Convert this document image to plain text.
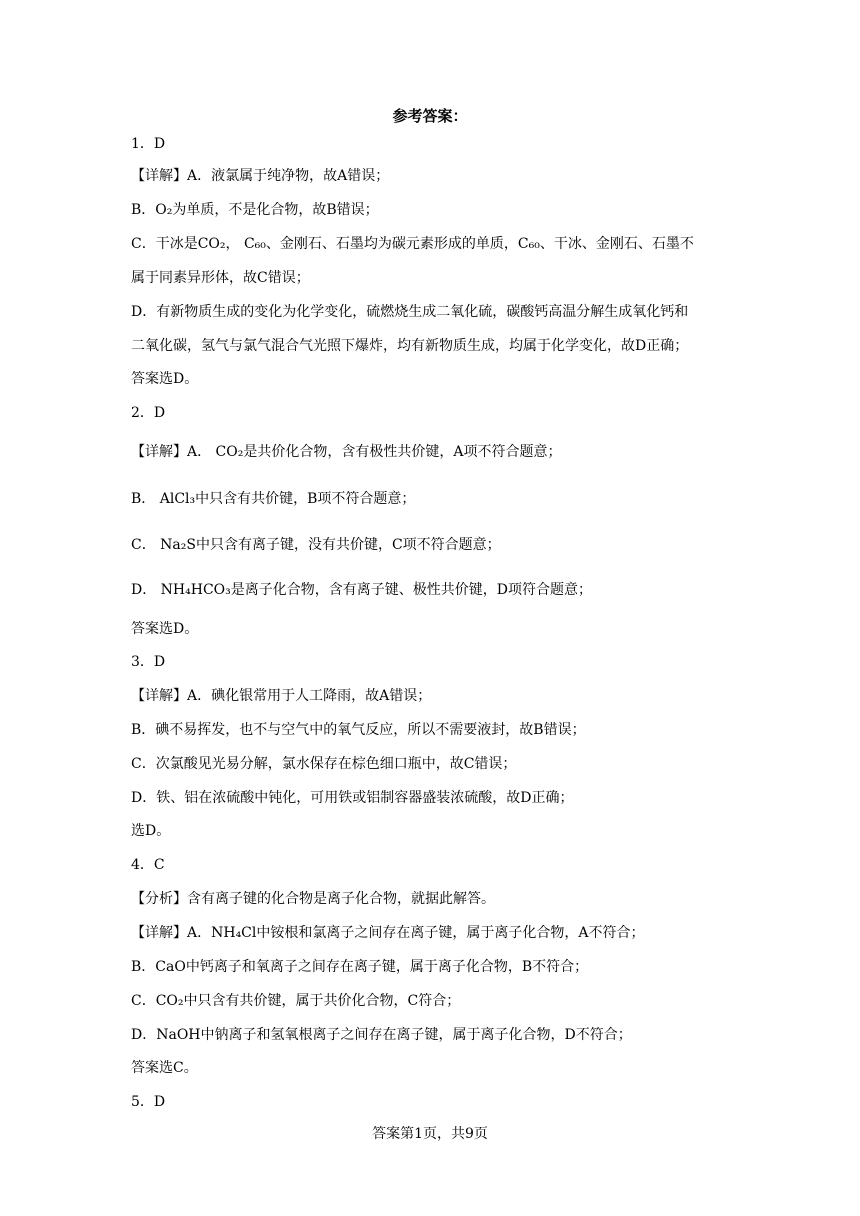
参考答案：
1．D
【详解】A．液氯属于纯净物，故A错误；
B．O₂为单质，不是化合物，故B错误；
C．干冰是CO₂， C₆₀、金刚石、石墨均为碳元素形成的单质，C₆₀、干冰、金刚石、石墨不
属于同素异形体，故C错误；
D．有新物质生成的变化为化学变化，硫燃烧生成二氧化硫，碳酸钙高温分解生成氧化钙和
二氧化碳，氢气与氯气混合气光照下爆炸，均有新物质生成，均属于化学变化，故D正确；
答案选D。
2．D
【详解】A． CO₂是共价化合物，含有极性共价键，A项不符合题意；
B． AlCl₃中只含有共价键，B项不符合题意；
C． Na₂S中只含有离子键，没有共价键，C项不符合题意；
D． NH₄HCO₃是离子化合物，含有离子键、极性共价键，D项符合题意；
答案选D。
3．D
【详解】A．碘化银常用于人工降雨，故A错误；
B．碘不易挥发，也不与空气中的氧气反应，所以不需要液封，故B错误；
C．次氯酸见光易分解，氯水保存在棕色细口瓶中，故C错误；
D．铁、铝在浓硫酸中钝化，可用铁或铝制容器盛装浓硫酸，故D正确；
选D。
4．C
【分析】含有离子键的化合物是离子化合物，就据此解答。
【详解】A．NH₄Cl中铵根和氯离子之间存在离子键，属于离子化合物，A不符合；
B．CaO中钙离子和氧离子之间存在离子键，属于离子化合物，B不符合；
C．CO₂中只含有共价键，属于共价化合物，C符合；
D．NaOH中钠离子和氢氧根离子之间存在离子键，属于离子化合物，D不符合；
答案选C。
5．D
答案第1页，共9页
